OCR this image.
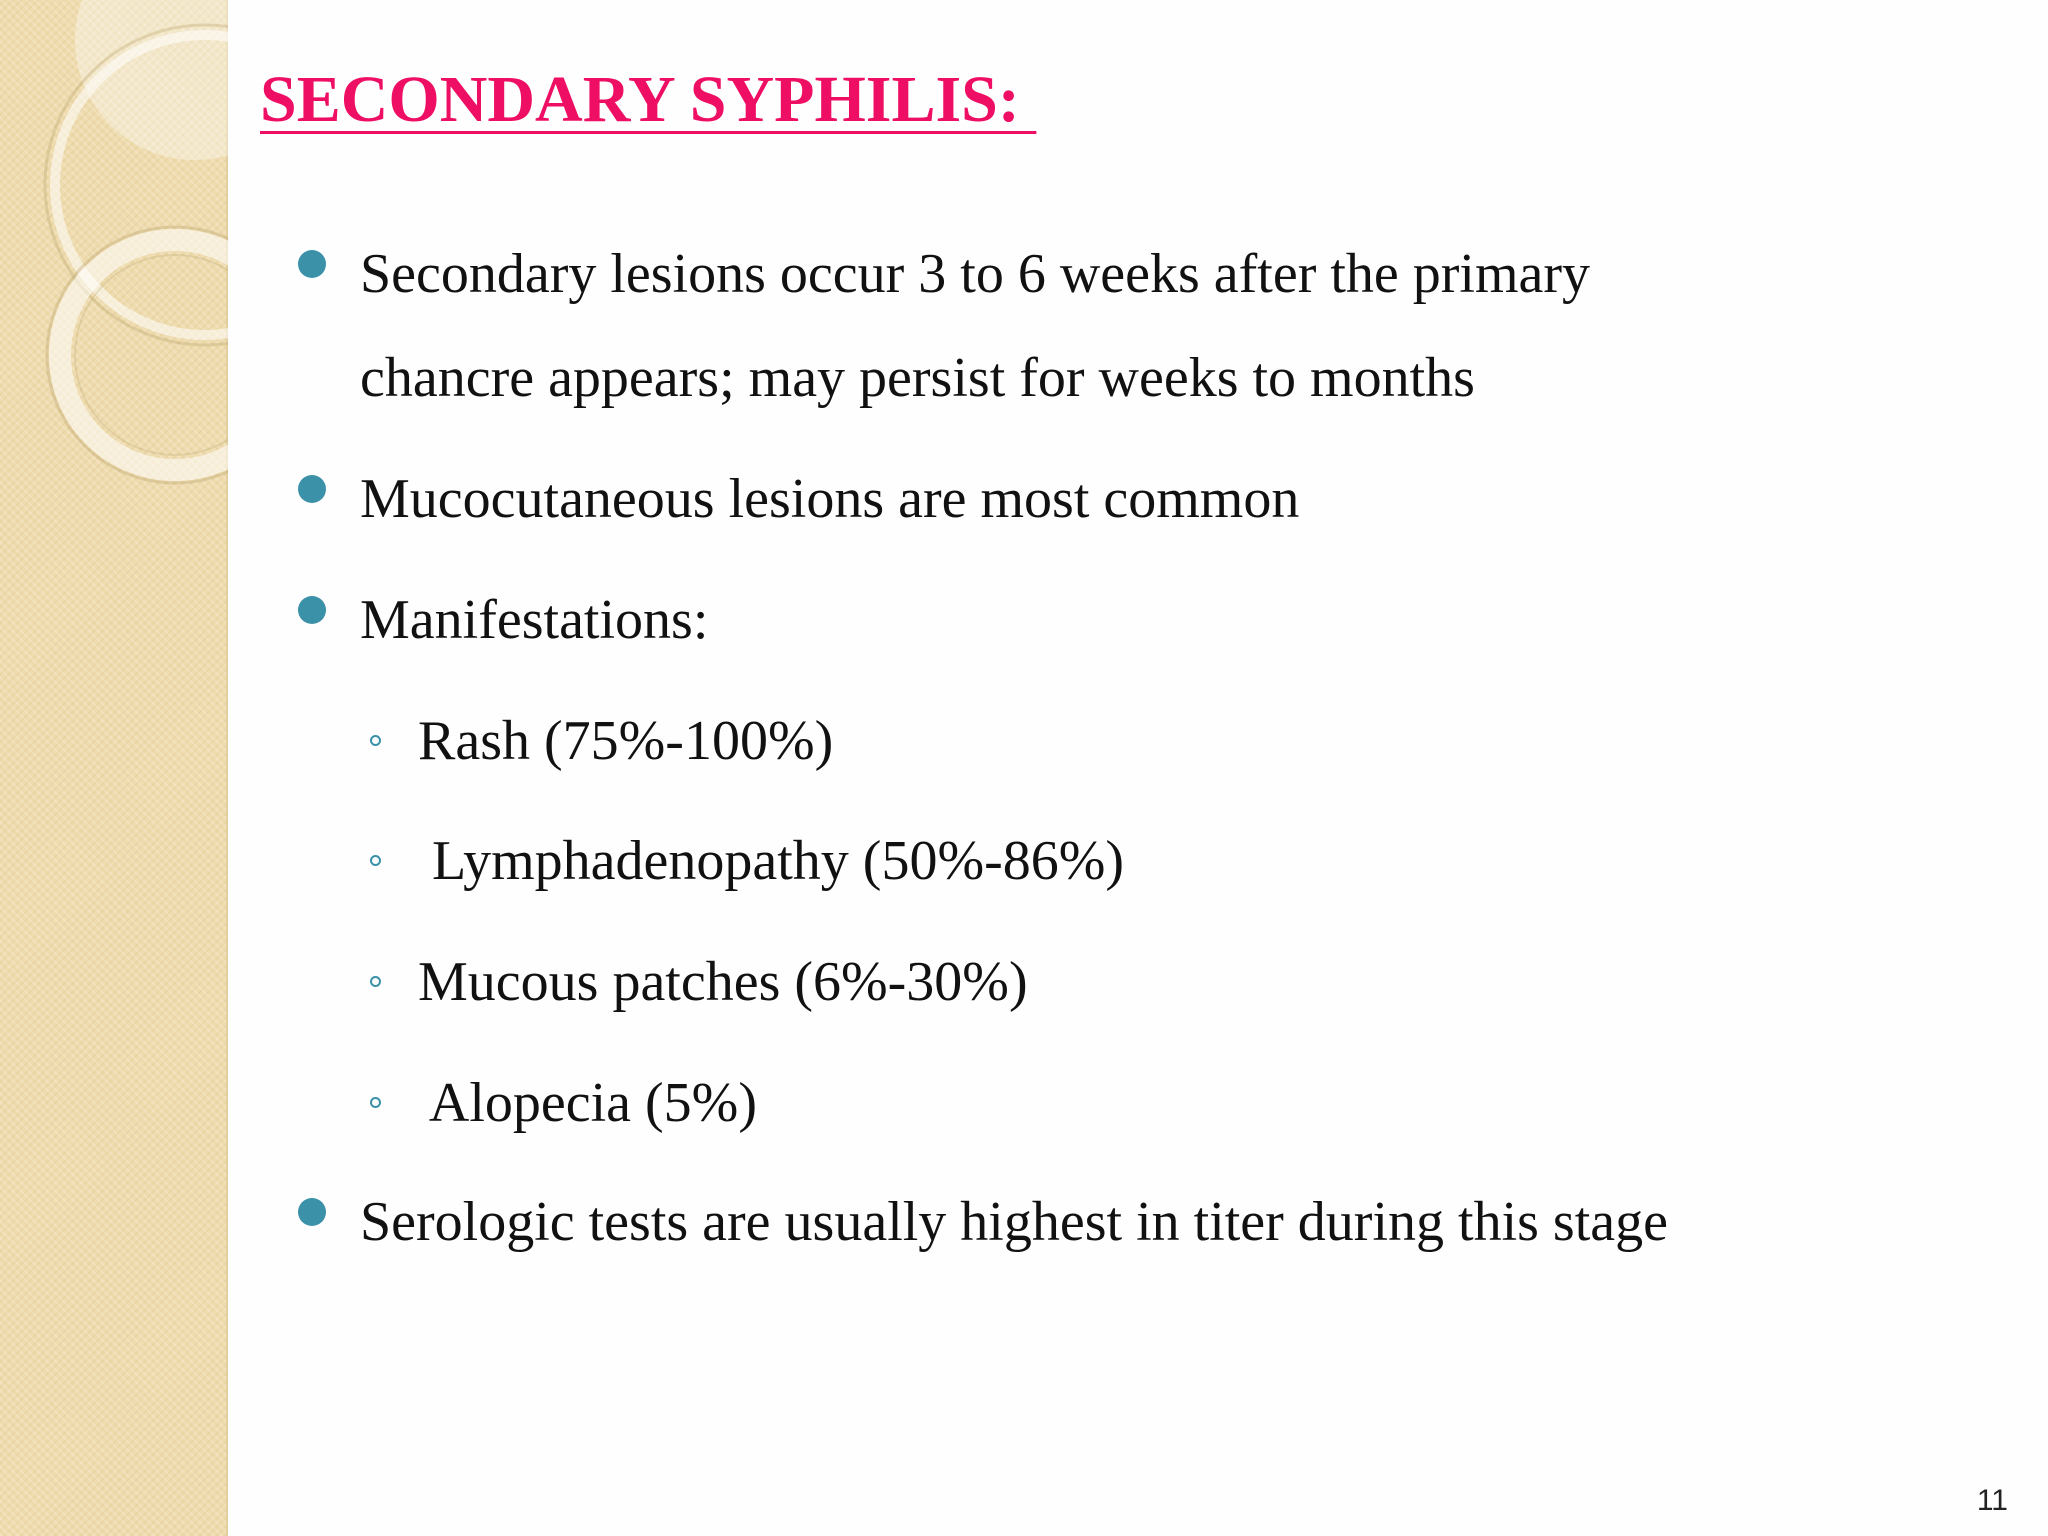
SECONDARY SYPHILIS:
Secondary lesions occur 3 to 6 weeks after the primary
chancre appears; may persist for weeks to months
Mucocutaneous lesions are most common
Manifestations:
Rash (75%-100%)
Lymphadenopathy (50%-86%)
Mucous patches (6%-30%)
Alopecia (5%)
Serologic tests are usually highest in titer during this stage
11
